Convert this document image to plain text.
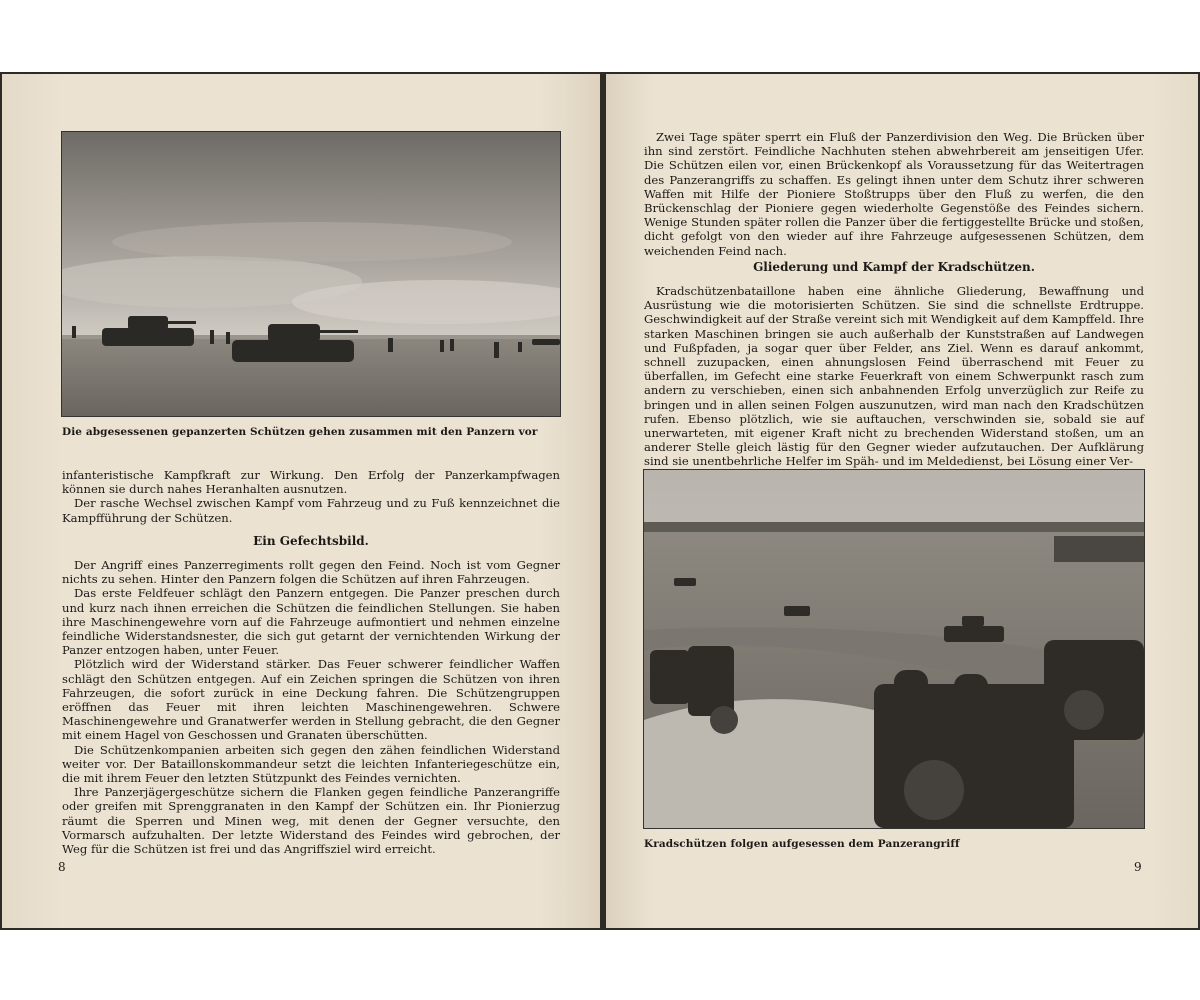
Die abgesessenen gepanzerten Schützen gehen zusammen mit den Panzern vor

infanteristische Kampfkraft zur Wirkung. Den Erfolg der Panzerkampfwagen können sie durch nahes Heranhalten ausnutzen.

Der rasche Wechsel zwischen Kampf vom Fahrzeug und zu Fuß kennzeichnet die Kampfführung der Schützen.

Ein Gefechtsbild.

Der Angriff eines Panzerregiments rollt gegen den Feind. Noch ist vom Gegner nichts zu sehen. Hinter den Panzern folgen die Schützen auf ihren Fahrzeugen.

Das erste Feldfeuer schlägt den Panzern entgegen. Die Panzer preschen durch und kurz nach ihnen erreichen die Schützen die feindlichen Stellungen. Sie haben ihre Maschinengewehre vorn auf die Fahrzeuge aufmontiert und nehmen einzelne feindliche Widerstandsnester, die sich gut getarnt der vernichtenden Wirkung der Panzer entzogen haben, unter Feuer.

Plötzlich wird der Widerstand stärker. Das Feuer schwerer feindlicher Waffen schlägt den Schützen entgegen. Auf ein Zeichen springen die Schützen von ihren Fahrzeugen, die sofort zurück in eine Deckung fahren. Die Schützengruppen eröffnen das Feuer mit ihren leichten Maschinengewehren. Schwere Maschinengewehre und Granatwerfer werden in Stellung gebracht, die den Gegner mit einem Hagel von Geschossen und Granaten überschütten.

Die Schützenkompanien arbeiten sich gegen den zähen feindlichen Widerstand weiter vor. Der Bataillonskommandeur setzt die leichten Infanteriegeschütze ein, die mit ihrem Feuer den letzten Stützpunkt des Feindes vernichten.

Ihre Panzerjägergeschütze sichern die Flanken gegen feindliche Panzerangriffe oder greifen mit Sprenggranaten in den Kampf der Schützen ein. Ihr Pionierzug räumt die Sperren und Minen weg, mit denen der Gegner versuchte, den Vormarsch aufzuhalten. Der letzte Widerstand des Feindes wird gebrochen, der Weg für die Schützen ist frei und das Angriffsziel wird erreicht.

8

Zwei Tage später sperrt ein Fluß der Panzerdivision den Weg. Die Brücken über ihn sind zerstört. Feindliche Nachhuten stehen abwehrbereit am jenseitigen Ufer. Die Schützen eilen vor, einen Brückenkopf als Voraussetzung für das Weitertragen des Panzerangriffs zu schaffen. Es gelingt ihnen unter dem Schutz ihrer schweren Waffen mit Hilfe der Pioniere Stoßtrupps über den Fluß zu werfen, die den Brückenschlag der Pioniere gegen wiederholte Gegenstöße des Feindes sichern. Wenige Stunden später rollen die Panzer über die fertiggestellte Brücke und stoßen, dicht gefolgt von den wieder auf ihre Fahrzeuge aufgesessenen Schützen, dem weichenden Feind nach.

Gliederung und Kampf der Kradschützen.

Kradschützenbataillone haben eine ähnliche Gliederung, Bewaffnung und Ausrüstung wie die motorisierten Schützen. Sie sind die schnellste Erdtruppe. Geschwindigkeit auf der Straße vereint sich mit Wendigkeit auf dem Kampffeld. Ihre starken Maschinen bringen sie auch außerhalb der Kunststraßen auf Landwegen und Fußpfaden, ja sogar quer über Felder, ans Ziel. Wenn es darauf ankommt, schnell zuzupacken, einen ahnungslosen Feind überraschend mit Feuer zu überfallen, im Gefecht eine starke Feuerkraft von einem Schwerpunkt rasch zum andern zu verschieben, einen sich anbahnenden Erfolg unverzüglich zur Reife zu bringen und in allen seinen Folgen auszunutzen, wird man nach den Kradschützen rufen. Ebenso plötzlich, wie sie auftauchen, verschwinden sie, sobald sie auf unerwarteten, mit eigener Kraft nicht zu brechenden Widerstand stoßen, um an anderer Stelle gleich lästig für den Gegner wieder aufzutauchen. Der Aufklärung sind sie unentbehrliche Helfer im Späh- und im Meldedienst, bei Lösung einer Ver-

Kradschützen folgen aufgesessen dem Panzerangriff
9
